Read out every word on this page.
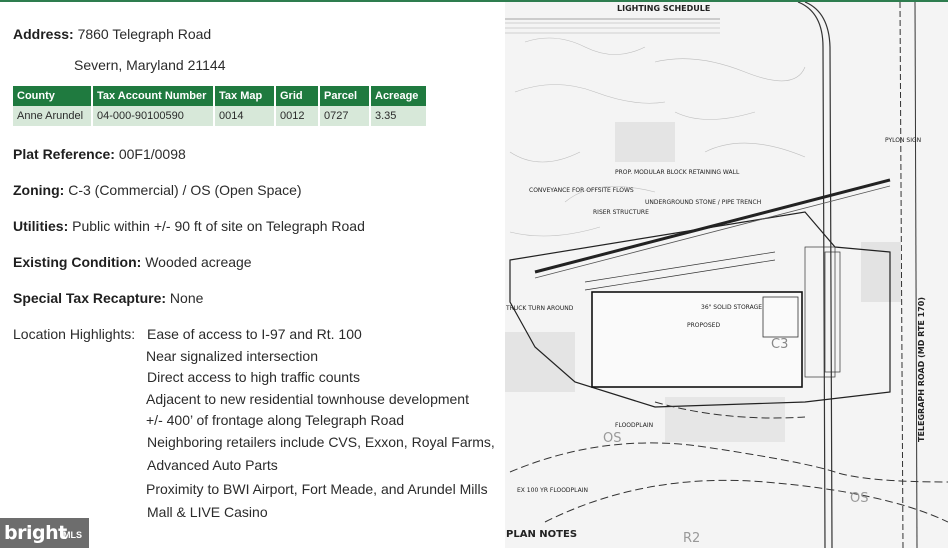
Address: 7860 Telegraph Road
Severn, Maryland 21144
County	Tax Account Number	Tax Map	Grid	Parcel	Acreage
Anne Arundel	04-000-90100590	0014	0012	0727	3.35
Plat Reference: 00F1/0098
Zoning: C-3 (Commercial) / OS (Open Space)
Utilities: Public within +/- 90 ft of site on Telegraph Road
Existing Condition: Wooded acreage
Special Tax Recapture: None
Location Highlights: Ease of access to I-97 and Rt. 100
Near signalized intersection
Direct access to high traffic counts
Adjacent to new residential townhouse development
+/- 400’ of frontage along Telegraph Road
Neighboring retailers include CVS, Exxon, Royal Farms,
Advanced Auto Parts
Proximity to BWI Airport, Fort Meade, and Arundel Mills
Mall & LIVE Casino
LIGHTING SCHEDULE
TELEGRAPH ROAD (MD RTE 170)
PROPOSED
36" SOLID STORAGE
C3
OS
OS
R2
PYLON SIGN
CONVEYANCE FOR OFFSITE FLOWS
RISER STRUCTURE
PROP. MODULAR BLOCK RETAINING WALL
UNDERGROUND STONE / PIPE TRENCH
TRUCK TURN AROUND
FLOODPLAIN
EX 100 YR FLOODPLAIN
PLAN NOTES
bright
MLS
